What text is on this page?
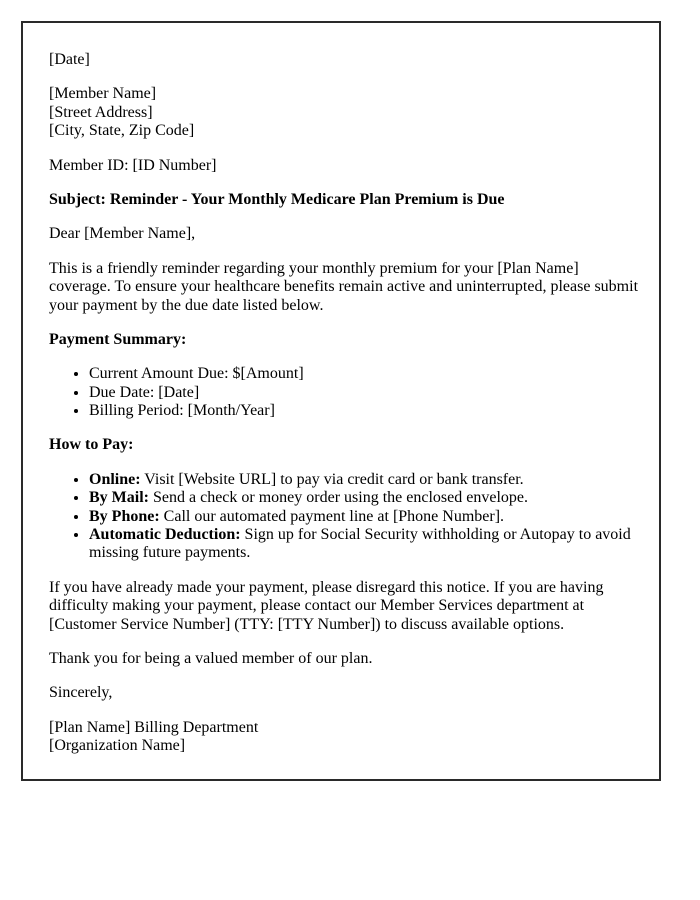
[Date]

[Member Name]
[Street Address]
[City, State, Zip Code]

Member ID: [ID Number]

Subject: Reminder - Your Monthly Medicare Plan Premium is Due

Dear [Member Name],

This is a friendly reminder regarding your monthly premium for your [Plan Name] coverage. To ensure your healthcare benefits remain active and uninterrupted, please submit your payment by the due date listed below.

Payment Summary:

• Current Amount Due: $[Amount]
• Due Date: [Date]
• Billing Period: [Month/Year]

How to Pay:

• Online: Visit [Website URL] to pay via credit card or bank transfer.
• By Mail: Send a check or money order using the enclosed envelope.
• By Phone: Call our automated payment line at [Phone Number].
• Automatic Deduction: Sign up for Social Security withholding or Autopay to avoid missing future payments.

If you have already made your payment, please disregard this notice. If you are having difficulty making your payment, please contact our Member Services department at [Customer Service Number] (TTY: [TTY Number]) to discuss available options.

Thank you for being a valued member of our plan.

Sincerely,

[Plan Name] Billing Department
[Organization Name]
